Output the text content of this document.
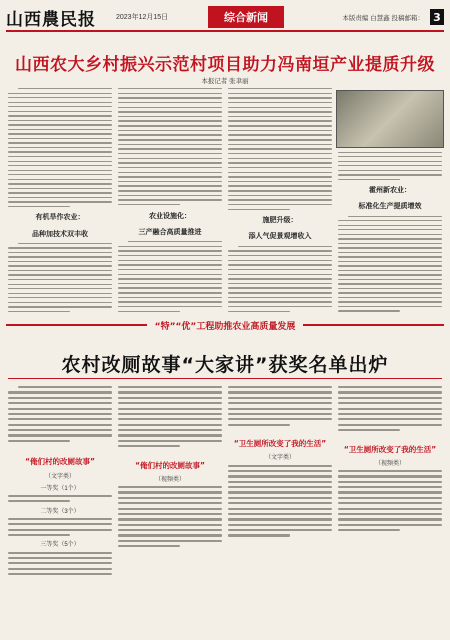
山西農民报	2023年12月15日	综合新闻	本版责编 白慧鑫 投稿邮箱： 3
山西农大乡村振兴示范村项目助力冯南垣产业提质升级
本报记者 张聿丽
有机旱作农业：
品种加技术双丰收
农业设施化：
三产融合高质量推进
施肥升级：
添人气促景观增收入
霍州新农业：
标准化生产提质增效
“特”“优”工程助推农业高质量发展
农村改厕故事“大家讲”获奖名单出炉
“俺们村的改厕故事”
（文字类）
一等奖（1个）
二等奖（3个）
三等奖（5个）
“俺们村的改厕故事”
（视频类）
“卫生厕所改变了我的生活”
（文字类）
“卫生厕所改变了我的生活”
（视频类）
